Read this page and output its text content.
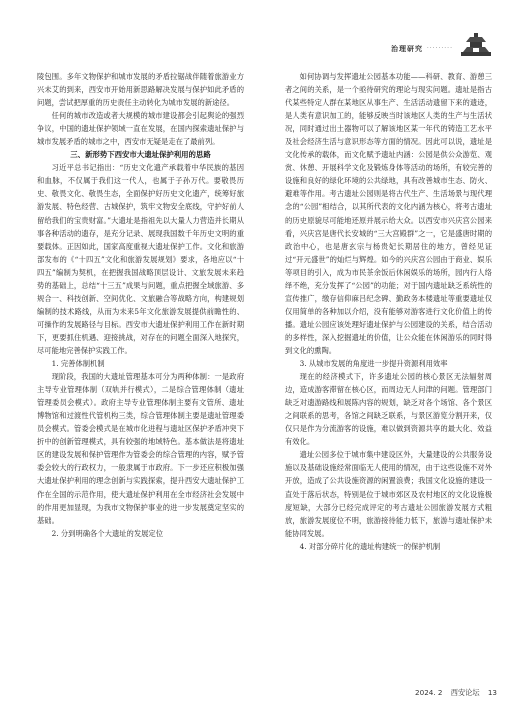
治理研究 ·········

陵包围。多年文物保护和城市发展的矛盾拉锯战伴随着旅游业方兴未艾的到来，西安市开始用新思路解决发展与保护如此矛盾的问题，尝试把厚重的历史责任主动转化为城市发展的新途径。

任何的城市改造或者大规模的城市建设都会引起舆论的强烈争议，中国的遗址保护领域一直在发展，在国内探索遗址保护与城市发展矛盾的城市之中，西安市无疑是走在了最前列。

三、新形势下西安市大遗址保护利用的思路

习近平总书记指出：“历史文化遗产承载着中华民族的基因和血脉，不仅属于我们这一代人，也属于子孙万代。要敬畏历史、敬畏文化、敬畏生态，全面保护好历史文化遗产，统筹好旅游发展、特色经营、古城保护，筑牢文物安全底线，守护好前人留给我们的宝贵财富。”大遗址是指祖先以大量人力营造并长期从事各种活动的遗存，是充分记录、展现我国数千年历史文明的重要载体。正因如此，国家高度重视大遗址保护工作。文化和旅游部发布的《“十四五”文化和旅游发展规划》要求，各地应以“十四五”编制为契机，在把握我国战略顶层设计、文旅发展未来趋势的基础上，总结“十三五”成果与问题，重点把握全域旅游、多规合一、科技创新、空间优化、文旅融合等战略方向，构建规划编制的技术路线，从而为未来5年文化旅游发展提供前瞻性的、可操作的发展路径与目标。西安市大遗址保护利用工作在新时期下，更要抓住机遇、迎接挑战，对存在的问题全面深入地探究，尽可能地完善保护实践工作。

1. 完善体制机制

现阶段，我国的大遗址管理基本可分为两种体制：一是政府主导专业管理体制（双轨并行模式），二是综合管理体制（遗址管理委员会模式）。政府主导专业管理体制主要有文管所、遗址博物馆和过渡性代管机构三类，综合管理体制主要是遗址管理委员会模式。管委会模式是在城市化进程与遗址区保护矛盾冲突下折中的创新管理模式，具有较强的地域特色。基本做法是将遗址区的建设发展和保护管理作为管委会的综合管理的内容，赋予管委会较大的行政权力，一般隶属于市政府。下一步还应积极加强大遗址保护利用的理念创新与实践探索，提升西安大遗址保护工作在全国的示范作用，使大遗址保护利用在全市经济社会发展中的作用更加显现，为我市文物保护事业的进一步发展奠定坚实的基础。

2. 分到明确各个大遗址的发展定位

如何协调与发挥遗址公园基本功能——科研、教育、游憩三者之间的关系，是一个亟待研究的理论与现实问题。遗址是指古代某些特定人群在某地区从事生产、生活活动遗留下来的遗迹，是人类有意识加工的，能够反映当时该地区人类的生产与生活状况，同时通过出土器物可以了解该地区某一年代的铸造工艺水平及社会经济生活与意识形态等方面的情况。因此可以说，遗址是文化传承的载体，而文化赋予遗址内涵：公园是供公众游览、观赏、休憩、开展科学文化及锻炼身体等活动的场所，有较完善的设施和良好的绿化环境的公共绿地，具有改善城市生态、防火、避难等作用。考古遗址公园则是将古代生产、生活场景与现代理念的“公园”相结合，以其所代表的文化内涵为核心，将考古遗址的历史原貌尽可能地还原并展示给大众。以西安市兴庆宫公园来看，兴庆宫是唐代长安城的“三大宫殿群”之一，它是盛唐时期的政治中心，也是唐玄宗与杨贵妃长期居住的地方，曾经见证过“开元盛世”的灿烂与辉煌。如今的兴庆宫公园由于商业、娱乐等项目的引入，成为市民茶余饭后休闲娱乐的场所，园内行人络绎不绝，充分发挥了“公园”的功能；对于国内遗址缺乏系统性的宣传推广，缴存信仰麻吕纪念碑、勤政务本楼遗址等重要遗址仅仅用简单的各种加以介绍，没有能够对游客进行文化价值上的传播。遗址公园应该处理好遗址保护与公园建设的关系，结合活动的多样性，深入挖掘遗址的价值，让公众能在休闲游乐的同时得到文化的熏陶。

3. 从城市发展的角度进一步提升资源利用效率

现在的经济模式下，许多遗址公园的核心景区无法辐射周边，造成游客滞留在核心区，而周边无人问津的问题。管理部门缺乏对遗游路线和展陈内容的规划，缺乏对各个场馆、各个景区之间联系的思考，各馆之间缺乏联系，与景区游览分割开来，仅仅只是作为分流游客的设施，难以做到资源共享的最大化、效益有效化。

遗址公园多位于城市集中建设区外，大量建设的公共服务设施以及基础设施经常面临无人使用的情况，由于这些设施不对外开放，造成了公共设施资源的闲置浪费；我国文化设施的建设一直处于落后状态，特别是位于城市郊区及农村地区的文化设施极度短缺，大部分已经完成评定的考古遗址公园旅游发展方式粗放，旅游发展度位不明，旅游接待能力低下，旅游与遗址保护未能协同发展。

4. 对部分碎片化的遗址构建统一的保护机制

2024. 2 西安论坛 13
